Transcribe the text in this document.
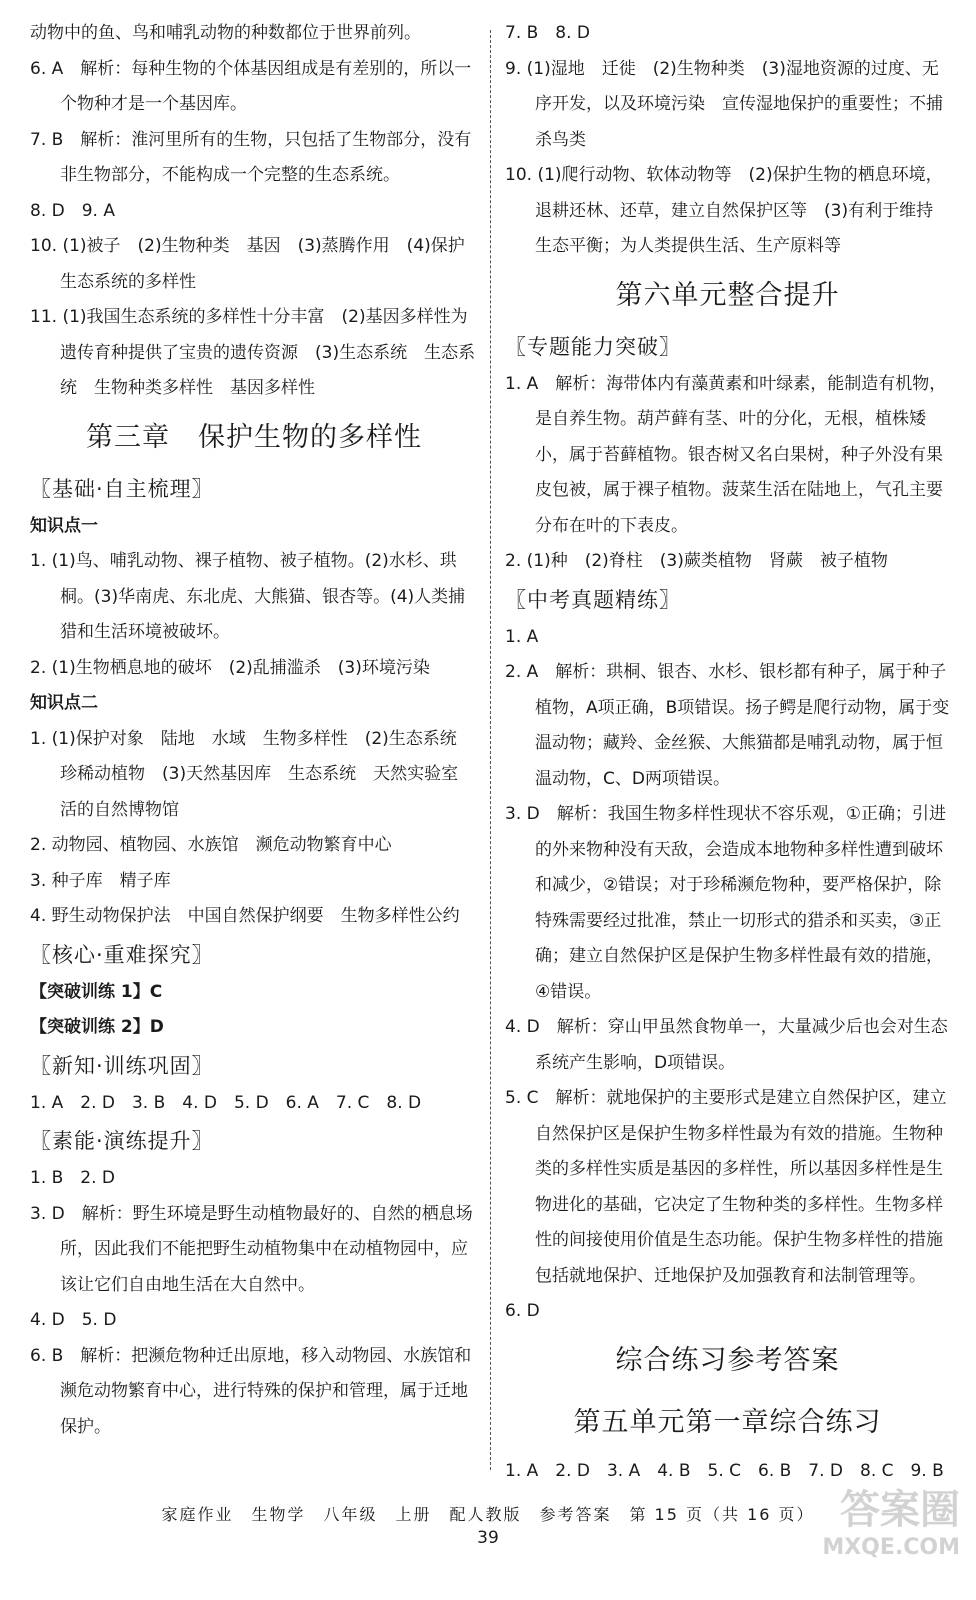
动物中的鱼、鸟和哺乳动物的种数都位于世界前列。
6. A　解析：每种生物的个体基因组成是有差别的，所以一个物种才是一个基因库。
7. B　解析：淮河里所有的生物，只包括了生物部分，没有非生物部分，不能构成一个完整的生态系统。
8. D　9. A
10. (1)被子　(2)生物种类　基因　(3)蒸腾作用　(4)保护生态系统的多样性
11. (1)我国生态系统的多样性十分丰富　(2)基因多样性为遗传育种提供了宝贵的遗传资源　(3)生态系统　生态系统　生物种类多样性　基因多样性
第三章　保护生物的多样性
〖基础·自主梳理〗
知识点一
1. (1)鸟、哺乳动物、裸子植物、被子植物。(2)水杉、珙桐。(3)华南虎、东北虎、大熊猫、银杏等。(4)人类捕猎和生活环境被破坏。
2. (1)生物栖息地的破坏　(2)乱捕滥杀　(3)环境污染
知识点二
1. (1)保护对象　陆地　水域　生物多样性　(2)生态系统　珍稀动植物　(3)天然基因库　生态系统　天然实验室　活的自然博物馆
2. 动物园、植物园、水族馆　濒危动物繁育中心
3. 种子库　精子库
4. 野生动物保护法　中国自然保护纲要　生物多样性公约
〖核心·重难探究〗
【突破训练 1】C
【突破训练 2】D
〖新知·训练巩固〗
1. A　2. D　3. B　4. D　5. D　6. A　7. C　8. D
〖素能·演练提升〗
1. B　2. D
3. D　解析：野生环境是野生动植物最好的、自然的栖息场所，因此我们不能把野生动植物集中在动植物园中，应该让它们自由地生活在大自然中。
4. D　5. D
6. B　解析：把濒危物种迁出原地，移入动物园、水族馆和濒危动物繁育中心，进行特殊的保护和管理，属于迁地保护。
7. B　8. D
9. (1)湿地　迁徙　(2)生物种类　(3)湿地资源的过度、无序开发，以及环境污染　宣传湿地保护的重要性；不捕杀鸟类
10. (1)爬行动物、软体动物等　(2)保护生物的栖息环境，退耕还林、还草，建立自然保护区等　(3)有利于维持生态平衡；为人类提供生活、生产原料等
第六单元整合提升
〖专题能力突破〗
1. A　解析：海带体内有藻黄素和叶绿素，能制造有机物，是自养生物。葫芦藓有茎、叶的分化，无根，植株矮小，属于苔藓植物。银杏树又名白果树，种子外没有果皮包被，属于裸子植物。菠菜生活在陆地上，气孔主要分布在叶的下表皮。
2. (1)种　(2)脊柱　(3)蕨类植物　肾蕨　被子植物
〖中考真题精练〗
1. A
2. A　解析：珙桐、银杏、水杉、银杉都有种子，属于种子植物，A项正确，B项错误。扬子鳄是爬行动物，属于变温动物；藏羚、金丝猴、大熊猫都是哺乳动物，属于恒温动物，C、D两项错误。
3. D　解析：我国生物多样性现状不容乐观，①正确；引进的外来物种没有天敌，会造成本地物种多样性遭到破坏和减少，②错误；对于珍稀濒危物种，要严格保护，除特殊需要经过批准，禁止一切形式的猎杀和买卖，③正确；建立自然保护区是保护生物多样性最有效的措施，④错误。
4. D　解析：穿山甲虽然食物单一，大量减少后也会对生态系统产生影响，D项错误。
5. C　解析：就地保护的主要形式是建立自然保护区，建立自然保护区是保护生物多样性最为有效的措施。生物种类的多样性实质是基因的多样性，所以基因多样性是生物进化的基础，它决定了生物种类的多样性。生物多样性的间接使用价值是生态功能。保护生物多样性的措施包括就地保护、迁地保护及加强教育和法制管理等。
6. D
综合练习参考答案
第五单元第一章综合练习
1. A　2. D　3. A　4. B　5. C　6. B　7. D　8. C　9. B
家庭作业　生物学　八年级　上册　配人教版　参考答案　第 15 页（共 16 页）
39
答案圈
MXQE.COM
